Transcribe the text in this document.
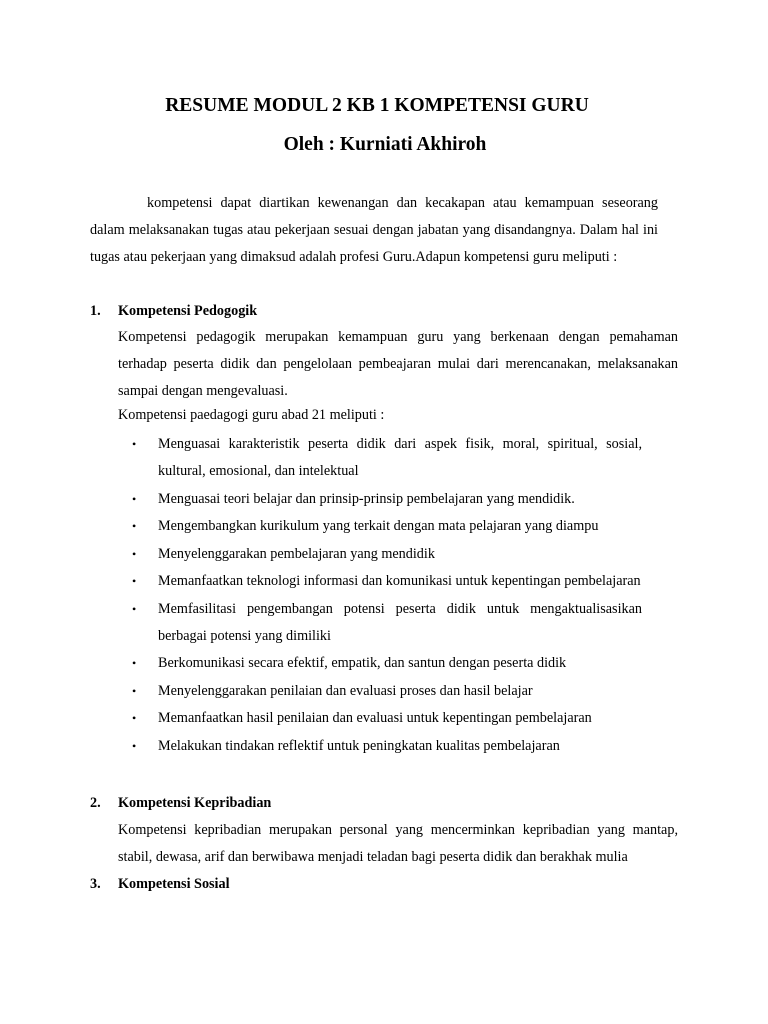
RESUME MODUL 2 KB 1 KOMPETENSI GURU
Oleh : Kurniati Akhiroh

kompetensi dapat diartikan kewenangan dan kecakapan atau kemampuan seseorang dalam melaksanakan tugas atau pekerjaan sesuai dengan jabatan yang disandangnya. Dalam hal ini tugas atau pekerjaan yang dimaksud adalah profesi Guru.Adapun kompetensi guru meliputi :

1.	Kompetensi Pedogogik

Kompetensi pedagogik merupakan kemampuan guru yang berkenaan dengan pemahaman terhadap peserta didik dan pengelolaan pembeajaran mulai dari merencanakan, melaksanakan sampai dengan mengevaluasi.

Kompetensi paedagogi guru abad 21 meliputi :

• Menguasai karakteristik peserta didik dari aspek fisik, moral, spiritual, sosial, kultural, emosional, dan intelektual
• Menguasai teori belajar dan prinsip-prinsip pembelajaran yang mendidik.
• Mengembangkan kurikulum yang terkait dengan mata pelajaran yang diampu
• Menyelenggarakan pembelajaran yang mendidik
• Memanfaatkan teknologi informasi dan komunikasi untuk kepentingan pembelajaran
• Memfasilitasi pengembangan potensi peserta didik untuk mengaktualisasikan berbagai potensi yang dimiliki
• Berkomunikasi secara efektif, empatik, dan santun dengan peserta didik
• Menyelenggarakan penilaian dan evaluasi proses dan hasil belajar
• Memanfaatkan hasil penilaian dan evaluasi untuk kepentingan pembelajaran
• Melakukan tindakan reflektif untuk peningkatan kualitas pembelajaran
2.	Kompetensi Kepribadian

Kompetensi kepribadian merupakan personal yang mencerminkan kepribadian yang mantap, stabil, dewasa, arif dan berwibawa menjadi teladan bagi peserta didik dan berakhak mulia

3.	Kompetensi Sosial
